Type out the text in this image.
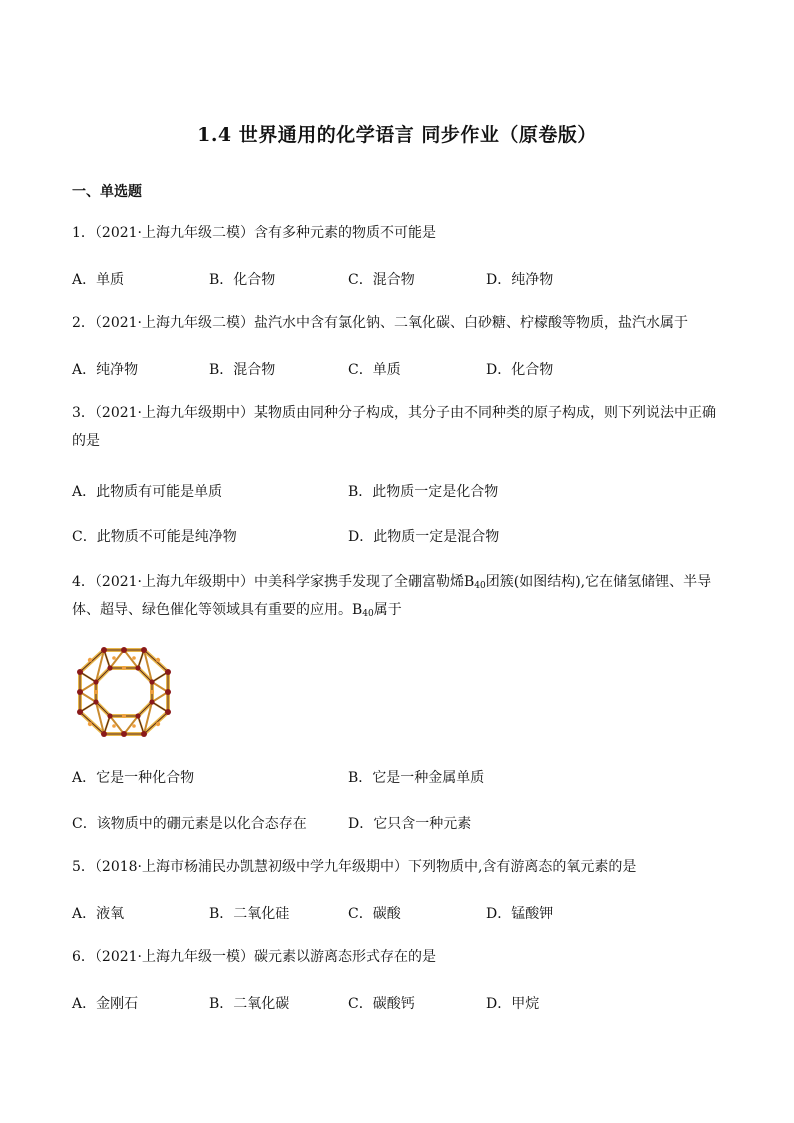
1.4 世界通用的化学语言 同步作业（原卷版）
一、单选题
1．（2021·上海九年级二模）含有多种元素的物质不可能是
A．单质	B．化合物	C．混合物	D．纯净物
2．（2021·上海九年级二模）盐汽水中含有氯化钠、二氧化碳、白砂糖、柠檬酸等物质，盐汽水属于
A．纯净物	B．混合物	C．单质	D．化合物
3．（2021·上海九年级期中）某物质由同种分子构成，其分子由不同种类的原子构成，则下列说法中正确的是
A．此物质有可能是单质	B．此物质一定是化合物
C．此物质不可能是纯净物	D．此物质一定是混合物
4．（2021·上海九年级期中）中美科学家携手发现了全硼富勒烯$B_{40}$团簇(如图结构),它在储氢储锂、半导体、超导、绿色催化等领域具有重要的应用。$B_{40}$属于
A．它是一种化合物	B．它是一种金属单质
C．该物质中的硼元素是以化合态存在	D．它只含一种元素
5．（2018·上海市杨浦民办凯慧初级中学九年级期中）下列物质中,含有游离态的氧元素的是
A．液氧	B．二氧化硅	C．碳酸	D．锰酸钾
6．（2021·上海九年级一模）碳元素以游离态形式存在的是
A．金刚石	B．二氧化碳	C．碳酸钙	D．甲烷
